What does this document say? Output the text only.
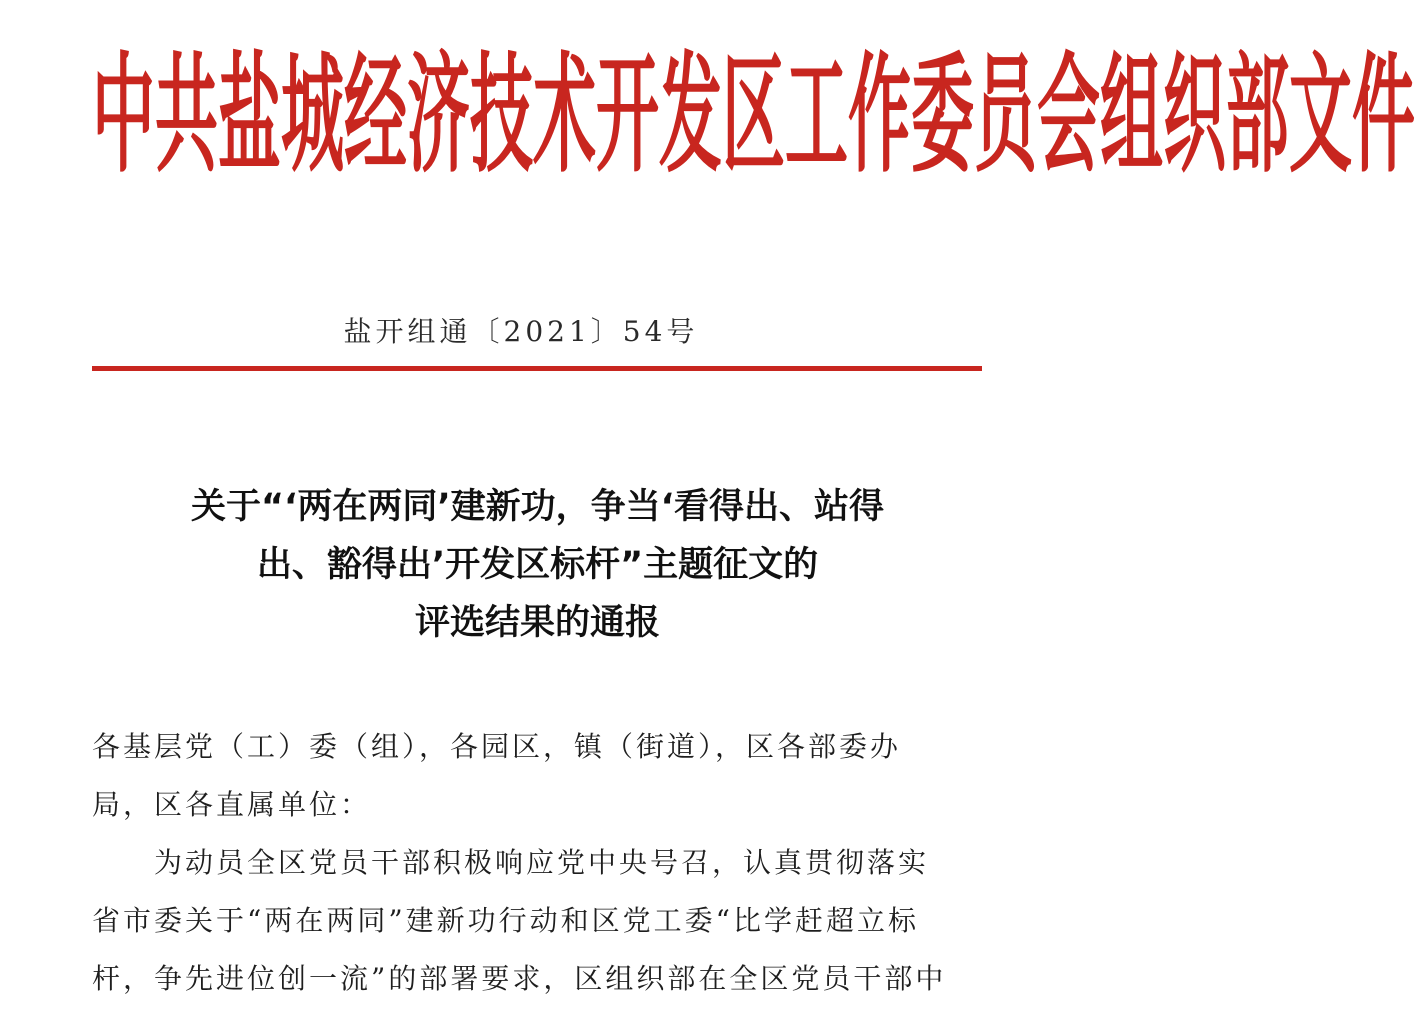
中 共 盐 城 经 济 技 术 开 发 区 工 作 委 员 会 组 织 部 文 件
盐开组通〔2021〕54号
关于“‘两在两同’建新功，争当‘看得出、站得
出、豁得出’开发区标杆”主题征文的
评选结果的通报
各基层党（工）委（组），各园区，镇（街道），区各部委办
局，区各直属单位：
　　为动员全区党员干部积极响应党中央号召，认真贯彻落实
省市委关于“两在两同”建新功行动和区党工委“比学赶超立标
杆，争先进位创一流”的部署要求，区组织部在全区党员干部中
